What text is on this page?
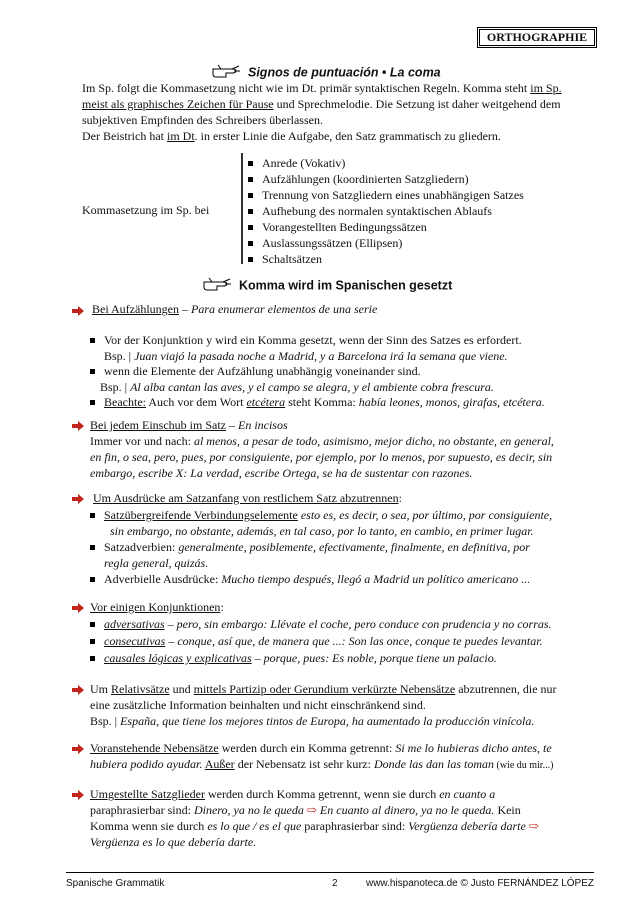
ORTHOGRAPHIE
Signos de puntuación • La coma
Im Sp. folgt die Kommasetzung nicht wie im Dt. primär syntaktischen Regeln. Komma steht im Sp.
meist als graphisches Zeichen für Pause und Sprechmelodie. Die Setzung ist daher weitgehend dem
subjektiven Empfinden des Schreibers überlassen.
Der Beistrich hat im Dt. in erster Linie die Aufgabe, den Satz grammatisch zu gliedern.
Kommasetzung im Sp. bei
Anrede (Vokativ)
Aufzählungen (koordinierten Satzgliedern)
Trennung von Satzgliedern eines unabhängigen Satzes
Aufhebung des normalen syntaktischen Ablaufs
Vorangestellten Bedingungssätzen
Auslassungssätzen (Ellipsen)
Schaltsätzen
Komma wird im Spanischen gesetzt
Bei Aufzählungen – Para enumerar elementos de una serie
Vor der Konjunktion y wird ein Komma gesetzt, wenn der Sinn des Satzes es erfordert.
Bsp. | Juan viajó la pasada noche a Madrid, y a Barcelona irá la semana que viene.
wenn die Elemente der Aufzählung unabhängig voneinander sind.
Bsp. | Al alba cantan las aves, y el campo se alegra, y el ambiente cobra frescura.
Beachte: Auch vor dem Wort etcétera steht Komma: había leones, monos, girafas, etcétera.
Bei jedem Einschub im Satz – En incisos
Immer vor und nach: al menos, a pesar de todo, asimismo, mejor dicho, no obstante, en general,
en fin, o sea, pero, pues, por consiguiente, por ejemplo, por lo menos, por supuesto, es decir, sin
embargo, escribe X: La verdad, escribe Ortega, se ha de sustentar con razones.
Um Ausdrücke am Satzanfang von restlichem Satz abzutrennen:
Satzübergreifende Verbindungselemente esto es, es decir, o sea, por último, por consiguiente,
sin embargo, no obstante, además, en tal caso, por lo tanto, en cambio, en primer lugar.
Satzadverbien: generalmente, posiblemente, efectivamente, finalmente, en definitiva, por
regla general, quizás.
Adverbielle Ausdrücke: Mucho tiempo después, llegó a Madrid un político americano ...
Vor einigen Konjunktionen:
adversativas – pero, sin embargo: Llévate el coche, pero conduce con prudencia y no corras.
consecutivas – conque, así que, de manera que ...: Son las once, conque te puedes levantar.
causales lógicas y explicativas – porque, pues: Es noble, porque tiene un palacio.
Um Relativsätze und mittels Partizip oder Gerundium verkürzte Nebensätze abzutrennen, die nur
eine zusätzliche Information beinhalten und nicht einschränkend sind.
Bsp. | España, que tiene los mejores tintos de Europa, ha aumentado la producción vinícola.
Voranstehende Nebensätze werden durch ein Komma getrennt: Si me lo hubieras dicho antes, te
hubiera podido ayudar. Außer der Nebensatz ist sehr kurz: Donde las dan las toman (wie du mir...)
Umgestellte Satzglieder werden durch Komma getrennt, wenn sie durch en cuanto a
paraphrasierbar sind: Dinero, ya no le queda ⇨ En cuanto al dinero, ya no le queda. Kein
Komma wenn sie durch es lo que / es el que paraphrasierbar sind: Vergüenza debería darte ⇨
Vergüenza es lo que debería darte.
Spanische Grammatik	2	www.hispanoteca.de © Justo FERNÁNDEZ LÓPEZ
